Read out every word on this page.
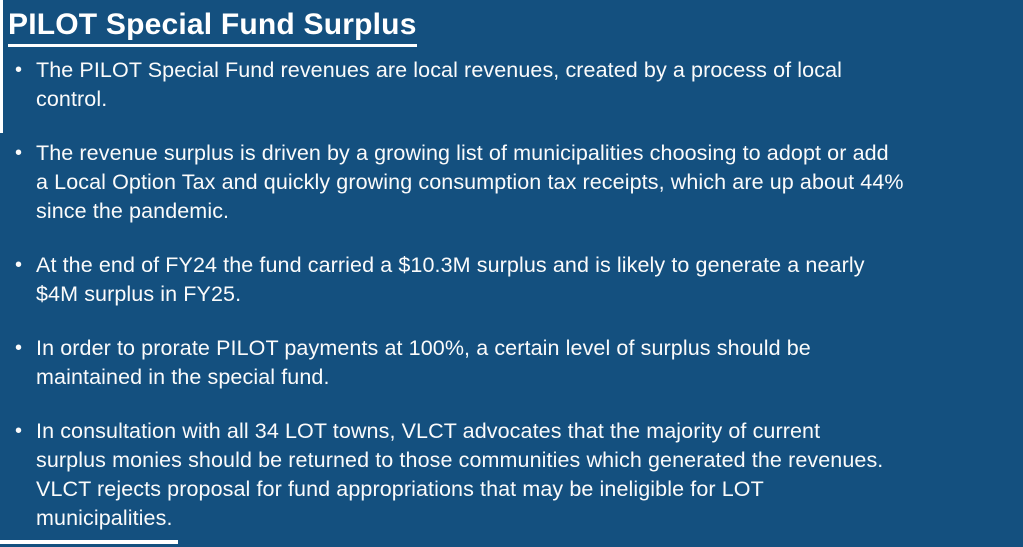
PILOT Special Fund Surplus
• The PILOT Special Fund revenues are local revenues, created by a process of local
control.
• The revenue surplus is driven by a growing list of municipalities choosing to adopt or add
a Local Option Tax and quickly growing consumption tax receipts, which are up about 44%
since the pandemic.
• At the end of FY24 the fund carried a $10.3M surplus and is likely to generate a nearly
$4M surplus in FY25.
• In order to prorate PILOT payments at 100%, a certain level of surplus should be
maintained in the special fund.
• In consultation with all 34 LOT towns, VLCT advocates that the majority of current
surplus monies should be returned to those communities which generated the revenues.
VLCT rejects proposal for fund appropriations that may be ineligible for LOT
municipalities.
